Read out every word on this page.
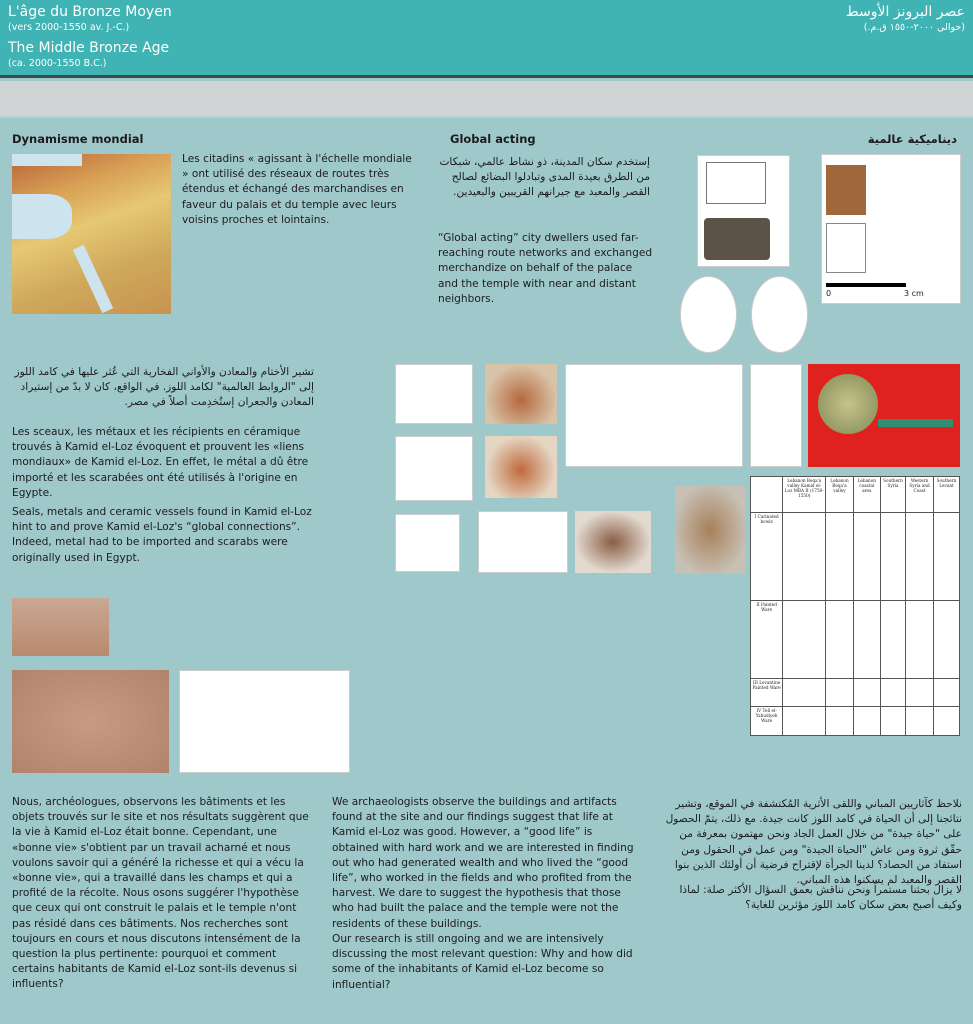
L'âge du Bronze Moyen
(vers 2000-1550 av. J.-C.)
The Middle Bronze Age
(ca. 2000-1550 B.C.)
عصر البرونز الأوسط
(حوالي ٢٠٠٠-١٥٥٠ ق.م.)
Dynamisme mondial	Global acting	ديناميكية عالمية
Les citadins « agissant à l'échelle mondiale » ont utilisé des réseaux de routes très étendus et échangé des marchandises en faveur du palais et du temple avec leurs voisins proches et lointains.
إستخدم سكان المدينة، ذو نشاط عالمي، شبكات من الطرق بعيدة المدى وتبادلوا البضائع لصالح القصر والمعبد مع جيرانهم القريبين والبعيدين.
“Global acting” city dwellers used far-reaching route networks and exchanged merchandize on behalf of the palace and the temple with near and distant neighbors.	0	3 cm
تشير الأختام والمعادن والأواني الفخارية التي عُثر عليها في كامد اللوز إلى "الروابط العالمية" لكامد اللوز. في الواقع، كان لا بدّ من إستيراد المعادن والجعران إستُخدِمت أصلاً في مصر.
Les sceaux, les métaux et les récipients en céramique trouvés à Kamid el-Loz évoquent et prouvent les «liens mondiaux» de Kamid el-Loz. En effet, le métal a dû être importé et les scarabées ont été utilisés à l'origine en Egypte.
Seals, metals and ceramic vessels found in Kamid el-Loz hint to and prove Kamid el-Loz's “global connections”. Indeed, metal had to be imported and scarabs were originally used in Egypt.
	Lebanon Beqa'a valley Kamid el-Loz MBA II (1750-1550)	Lebanon Beqa'a valley	Lebanon coastal area	Southern Syria	Western Syria and Coast	Southern Levant
I Carinated bowls						
II Painted Ware						
III Levantine Painted Ware						
IV Tell el-Yahudiyeh Ware						
Nous, archéologues, observons les bâtiments et les objets trouvés sur le site et nos résultats suggèrent que la vie à Kamid el-Loz était bonne. Cependant, une «bonne vie» s'obtient par un travail acharné et nous voulons savoir qui a généré la richesse et qui a vécu la «bonne vie», qui a travaillé dans les champs et qui a profité de la récolte. Nous osons suggérer l'hypothèse que ceux qui ont construit le palais et le temple n'ont pas résidé dans ces bâtiments. Nos recherches sont toujours en cours et nous discutons intensément de la question la plus pertinente: pourquoi et comment certains habitants de Kamid el-Loz sont-ils devenus si influents?
We archaeologists observe the buildings and artifacts found at the site and our findings suggest that life at Kamid el-Loz was good. However, a “good life” is obtained with hard work and we are interested in finding out who had generated wealth and who lived the “good life”, who worked in the fields and who profited from the harvest. We dare to suggest the hypothesis that those who had built the palace and the temple were not the residents of these buildings.
Our research is still ongoing and we are intensively discussing the most relevant question: Why and how did some of the inhabitants of Kamid el-Loz become so influential?
نلاحظ كآثاريين المباني واللقى الأثرية المُكتشفة في الموقع، وتشير نتائجنا إلى أن الحياة في كامد اللوز كانت جيدة. مع ذلك، يتمّ الحصول على "حياة جيدة" من خلال العمل الجاد ونحن مهتمون بمعرفة من حقّق ثروة ومن عاش "الحياة الجيدة" ومن عمل في الحقول ومن استفاد من الحصاد؟ لدينا الجرأة لإقتراح فرضية أن أولئك الذين بنوا القصر والمعبد لم يسكنوا هذه المباني.
لا يزال بحثنا مستمراً ونحن نناقش بعمق السؤال الأكثر صلة: لماذا وكيف أصبح بعض سكان كامد اللوز مؤثرين للغاية؟
